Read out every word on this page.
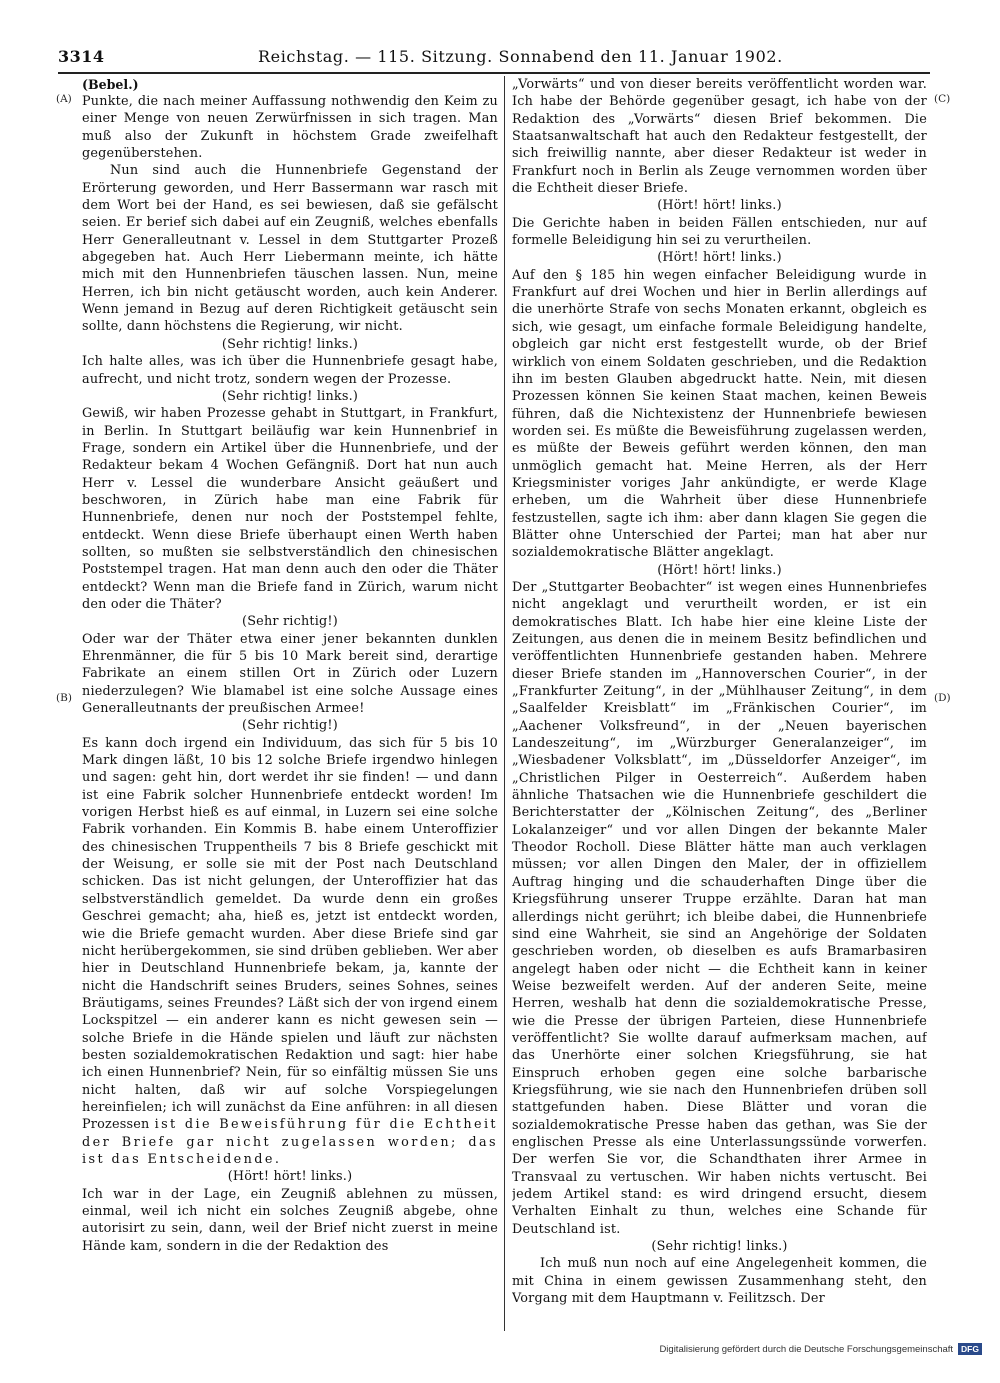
3314	Reichstag. — 115. Sitzung. Sonnabend den 11. Januar 1902.
(A)
(B)
(C)
(D)

(Bebel.)

Punkte, die nach meiner Auffassung nothwendig den Keim zu einer Menge von neuen Zerwürfnissen in sich tragen. Man muß also der Zukunft in höchstem Grade zweifelhaft gegenüberstehen.

Nun sind auch die Hunnenbriefe Gegenstand der Erörterung geworden, und Herr Bassermann war rasch mit dem Wort bei der Hand, es sei bewiesen, daß sie gefälscht seien. Er berief sich dabei auf ein Zeugniß, welches ebenfalls Herr Generalleutnant v. Lessel in dem Stuttgarter Prozeß abgegeben hat. Auch Herr Liebermann meinte, ich hätte mich mit den Hunnenbriefen täuschen lassen. Nun, meine Herren, ich bin nicht getäuscht worden, auch kein Anderer. Wenn jemand in Bezug auf deren Richtigkeit getäuscht sein sollte, dann höchstens die Regierung, wir nicht.

(Sehr richtig! links.)

Ich halte alles, was ich über die Hunnenbriefe gesagt habe, aufrecht, und nicht trotz, sondern wegen der Prozesse.

(Sehr richtig! links.)

Gewiß, wir haben Prozesse gehabt in Stuttgart, in Frankfurt, in Berlin. In Stuttgart beiläufig war kein Hunnenbrief in Frage, sondern ein Artikel über die Hunnenbriefe, und der Redakteur bekam 4 Wochen Gefängniß. Dort hat nun auch Herr v. Lessel die wunderbare Ansicht geäußert und beschworen, in Zürich habe man eine Fabrik für Hunnenbriefe, denen nur noch der Poststempel fehlte, entdeckt. Wenn diese Briefe überhaupt einen Werth haben sollten, so mußten sie selbstverständlich den chinesischen Poststempel tragen. Hat man denn auch den oder die Thäter entdeckt? Wenn man die Briefe fand in Zürich, warum nicht den oder die Thäter?

(Sehr richtig!)

Oder war der Thäter etwa einer jener bekannten dunklen Ehrenmänner, die für 5 bis 10 Mark bereit sind, derartige Fabrikate an einem stillen Ort in Zürich oder Luzern niederzulegen? Wie blamabel ist eine solche Aussage eines Generalleutnants der preußischen Armee!

(Sehr richtig!)

Es kann doch irgend ein Individuum, das sich für 5 bis 10 Mark dingen läßt, 10 bis 12 solche Briefe irgendwo hinlegen und sagen: geht hin, dort werdet ihr sie finden! — und dann ist eine Fabrik solcher Hunnenbriefe entdeckt worden! Im vorigen Herbst hieß es auf einmal, in Luzern sei eine solche Fabrik vorhanden. Ein Kommis B. habe einem Unteroffizier des chinesischen Truppentheils 7 bis 8 Briefe geschickt mit der Weisung, er solle sie mit der Post nach Deutschland schicken. Das ist nicht gelungen, der Unteroffizier hat das selbstverständlich gemeldet. Da wurde denn ein großes Geschrei gemacht; aha, hieß es, jetzt ist entdeckt worden, wie die Briefe gemacht wurden. Aber diese Briefe sind gar nicht herübergekommen, sie sind drüben geblieben. Wer aber hier in Deutschland Hunnenbriefe bekam, ja, kannte der nicht die Handschrift seines Bruders, seines Sohnes, seines Bräutigams, seines Freundes? Läßt sich der von irgend einem Lockspitzel — ein anderer kann es nicht gewesen sein — solche Briefe in die Hände spielen und läuft zur nächsten besten sozialdemokratischen Redaktion und sagt: hier habe ich einen Hunnenbrief? Nein, für so einfältig müssen Sie uns nicht halten, daß wir auf solche Vorspiegelungen hereinfielen; ich will zunächst da Eine anführen: in all diesen Prozessen ist die Beweisführung für die Echtheit der Briefe gar nicht zugelassen worden; das ist das Entscheidende.

(Hört! hört! links.)

Ich war in der Lage, ein Zeugniß ablehnen zu müssen, einmal, weil ich nicht ein solches Zeugniß abgebe, ohne autorisirt zu sein, dann, weil der Brief nicht zuerst in meine Hände kam, sondern in die der Redaktion des

„Vorwärts“ und von dieser bereits veröffentlicht worden war. Ich habe der Behörde gegenüber gesagt, ich habe von der Redaktion des „Vorwärts“ diesen Brief bekommen. Die Staatsanwaltschaft hat auch den Redakteur festgestellt, der sich freiwillig nannte, aber dieser Redakteur ist weder in Frankfurt noch in Berlin als Zeuge vernommen worden über die Echtheit dieser Briefe.

(Hört! hört! links.)

Die Gerichte haben in beiden Fällen entschieden, nur auf formelle Beleidigung hin sei zu verurtheilen.

(Hört! hört! links.)

Auf den § 185 hin wegen einfacher Beleidigung wurde in Frankfurt auf drei Wochen und hier in Berlin allerdings auf die unerhörte Strafe von sechs Monaten erkannt, obgleich es sich, wie gesagt, um einfache formale Beleidigung handelte, obgleich gar nicht erst festgestellt wurde, ob der Brief wirklich von einem Soldaten geschrieben, und die Redaktion ihn im besten Glauben abgedruckt hatte. Nein, mit diesen Prozessen können Sie keinen Staat machen, keinen Beweis führen, daß die Nichtexistenz der Hunnenbriefe bewiesen worden sei. Es müßte die Beweisführung zugelassen werden, es müßte der Beweis geführt werden können, den man unmöglich gemacht hat. Meine Herren, als der Herr Kriegsminister voriges Jahr ankündigte, er werde Klage erheben, um die Wahrheit über diese Hunnenbriefe festzustellen, sagte ich ihm: aber dann klagen Sie gegen die Blätter ohne Unterschied der Partei; man hat aber nur sozialdemokratische Blätter angeklagt.

(Hört! hört! links.)

Der „Stuttgarter Beobachter“ ist wegen eines Hunnenbriefes nicht angeklagt und verurtheilt worden, er ist ein demokratisches Blatt. Ich habe hier eine kleine Liste der Zeitungen, aus denen die in meinem Besitz befindlichen und veröffentlichten Hunnenbriefe gestanden haben. Mehrere dieser Briefe standen im „Hannoverschen Courier“, in der „Frankfurter Zeitung“, in der „Mühlhauser Zeitung“, in dem „Saalfelder Kreisblatt“ im „Fränkischen Courier“, im „Aachener Volksfreund“, in der „Neuen bayerischen Landeszeitung“, im „Würzburger Generalanzeiger“, im „Wiesbadener Volksblatt“, im „Düsseldorfer Anzeiger“, im „Christlichen Pilger in Oesterreich“. Außerdem haben ähnliche Thatsachen wie die Hunnenbriefe geschildert die Berichterstatter der „Kölnischen Zeitung“, des „Berliner Lokalanzeiger“ und vor allen Dingen der bekannte Maler Theodor Rocholl. Diese Blätter hätte man auch verklagen müssen; vor allen Dingen den Maler, der in offiziellem Auftrag hinging und die schauderhaften Dinge über die Kriegsführung unserer Truppe erzählte. Daran hat man allerdings nicht gerührt; ich bleibe dabei, die Hunnenbriefe sind eine Wahrheit, sie sind an Angehörige der Soldaten geschrieben worden, ob dieselben es aufs Bramarbasiren angelegt haben oder nicht — die Echtheit kann in keiner Weise bezweifelt werden. Auf der anderen Seite, meine Herren, weshalb hat denn die sozialdemokratische Presse, wie die Presse der übrigen Parteien, diese Hunnenbriefe veröffentlicht? Sie wollte darauf aufmerksam machen, auf das Unerhörte einer solchen Kriegsführung, sie hat Einspruch erhoben gegen eine solche barbarische Kriegsführung, wie sie nach den Hunnenbriefen drüben soll stattgefunden haben. Diese Blätter und voran die sozialdemokratische Presse haben das gethan, was Sie der englischen Presse als eine Unterlassungssünde vorwerfen. Der werfen Sie vor, die Schandthaten ihrer Armee in Transvaal zu vertuschen. Wir haben nichts vertuscht. Bei jedem Artikel stand: es wird dringend ersucht, diesem Verhalten Einhalt zu thun, welches eine Schande für Deutschland ist.

(Sehr richtig! links.)

Ich muß nun noch auf eine Angelegenheit kommen, die mit China in einem gewissen Zusammenhang steht, den Vorgang mit dem Hauptmann v. Feilitzsch. Der

Digitalisierung gefördert durch die Deutsche Forschungsgemeinschaft DFG
